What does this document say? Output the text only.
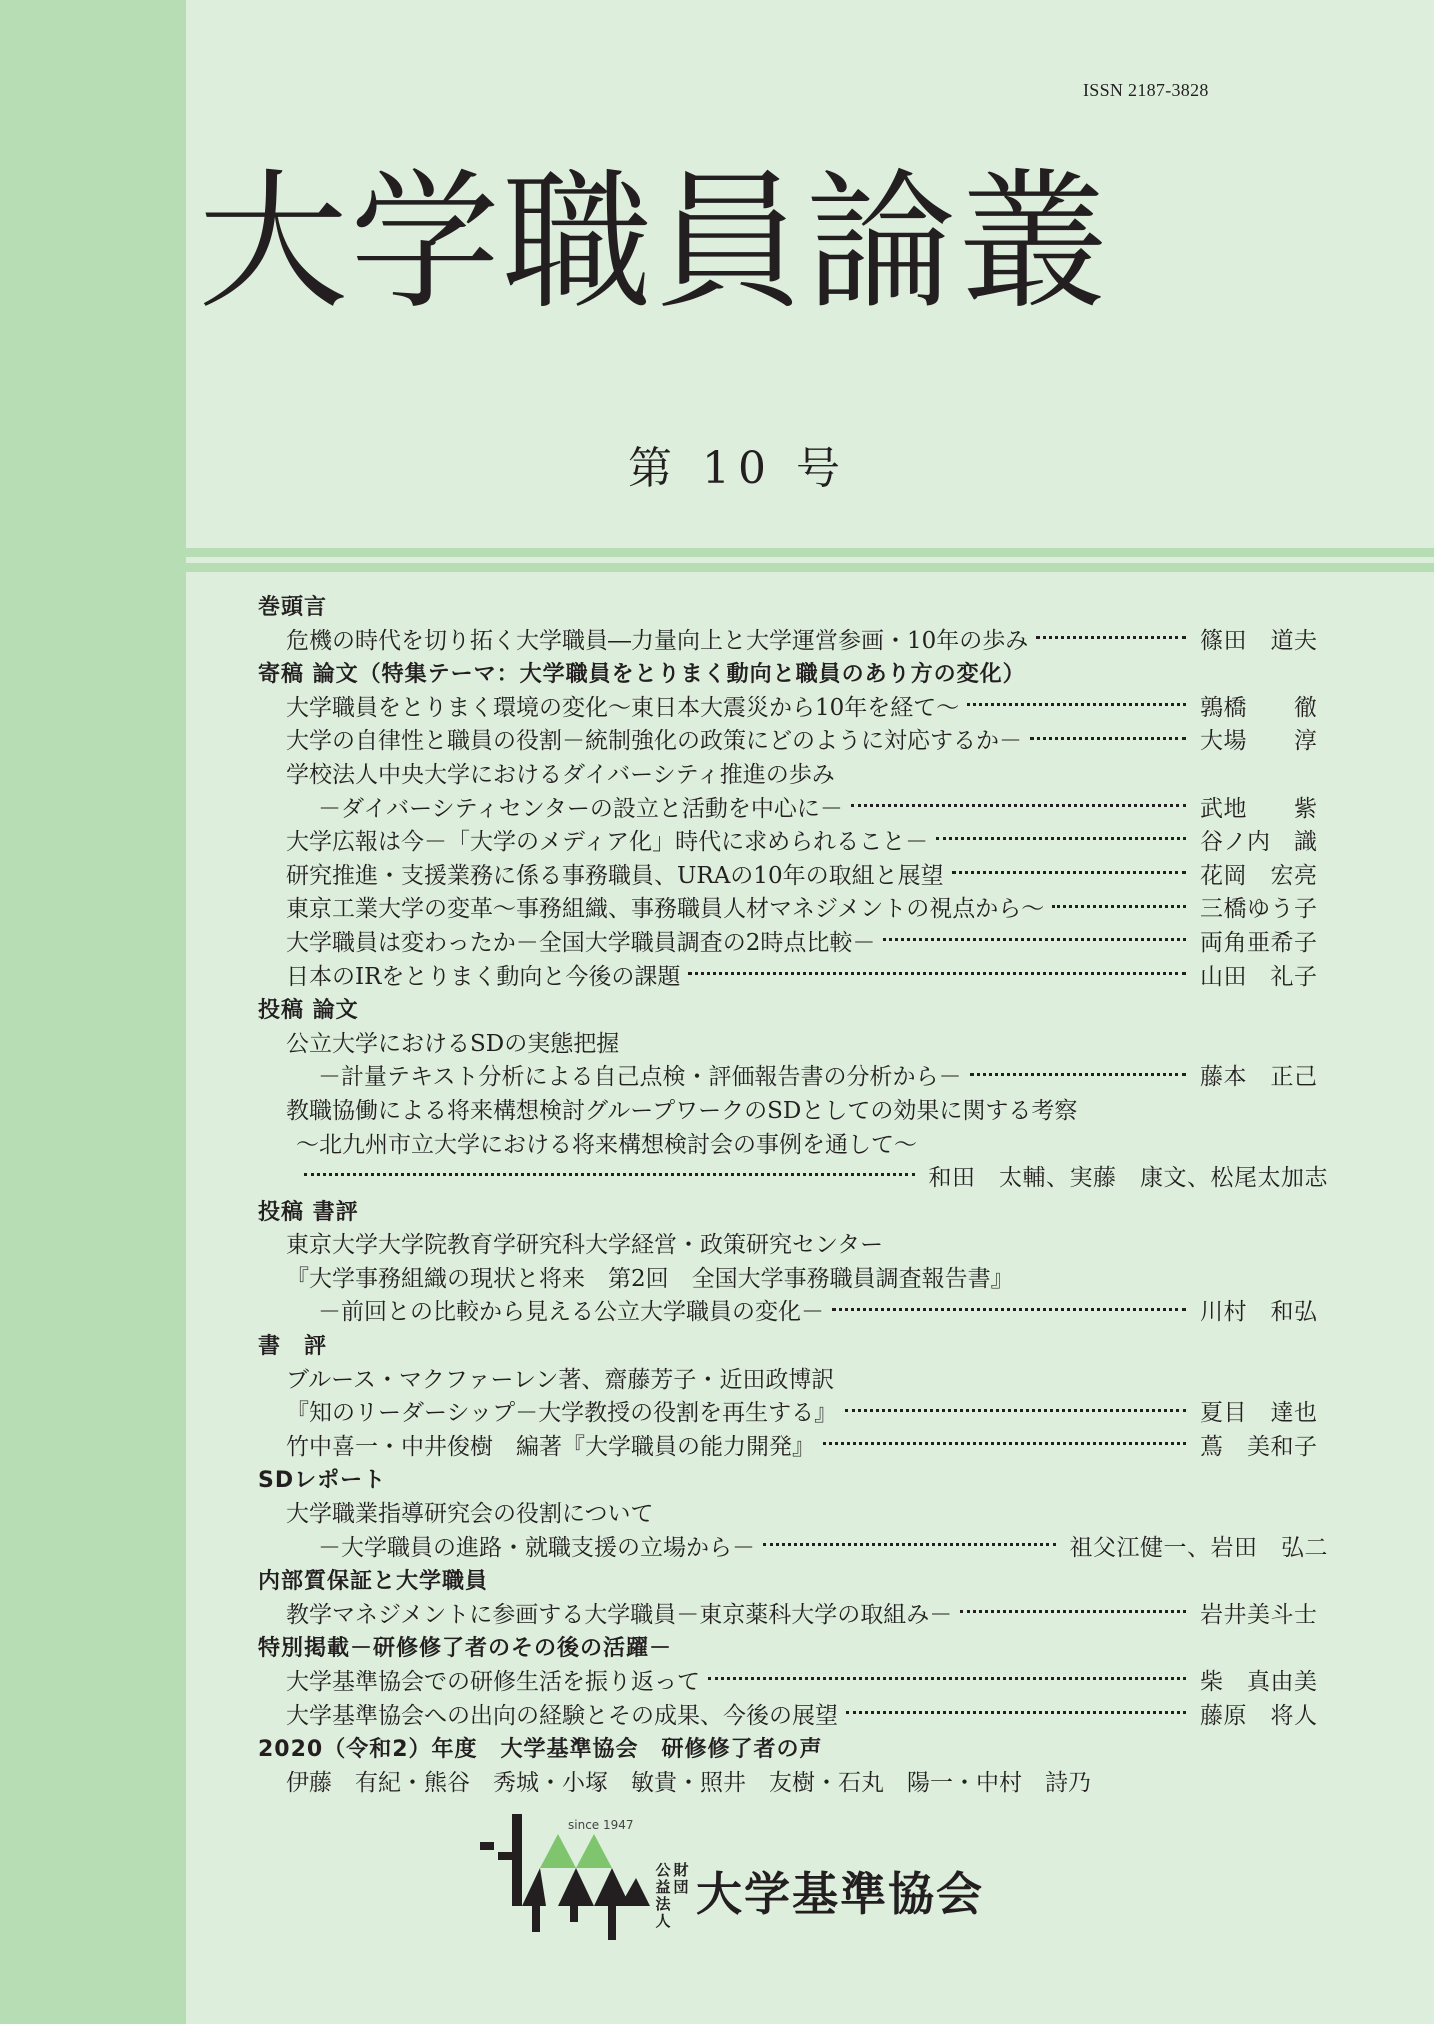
ISSN 2187-3828
大学職員論叢
第 10 号
巻頭言
危機の時代を切り拓く大学職員―力量向上と大学運営参画・10年の歩み	篠田　道夫
寄稿 論文（特集テーマ：大学職員をとりまく動向と職員のあり方の変化）
大学職員をとりまく環境の変化～東日本大震災から10年を経て～	鶉橋　　徹
大学の自律性と職員の役割－統制強化の政策にどのように対応するか－	大場　　淳
学校法人中央大学におけるダイバーシティ推進の歩み
－ダイバーシティセンターの設立と活動を中心に－	武地　　紫
大学広報は今－「大学のメディア化」時代に求められること－	谷ノ内　識
研究推進・支援業務に係る事務職員、URAの10年の取組と展望	花岡　宏亮
東京工業大学の変革～事務組織、事務職員人材マネジメントの視点から～	三橋ゆう子
大学職員は変わったか－全国大学職員調査の2時点比較－	両角亜希子
日本のIRをとりまく動向と今後の課題	山田　礼子
投稿 論文
公立大学におけるSDの実態把握
－計量テキスト分析による自己点検・評価報告書の分析から－	藤本　正己
教職協働による将来構想検討グループワークのSDとしての効果に関する考察
～北九州市立大学における将来構想検討会の事例を通して～
和田　太輔、実藤　康文、松尾太加志
投稿 書評
東京大学大学院教育学研究科大学経営・政策研究センター
『大学事務組織の現状と将来　第2回　全国大学事務職員調査報告書』
－前回との比較から見える公立大学職員の変化－	川村　和弘
書　評
ブルース・マクファーレン著、齋藤芳子・近田政博訳
『知のリーダーシップ－大学教授の役割を再生する』	夏目　達也
竹中喜一・中井俊樹　編著『大学職員の能力開発』	蔦　美和子
SDレポート
大学職業指導研究会の役割について
－大学職員の進路・就職支援の立場から－	祖父江健一、岩田　弘二
内部質保証と大学職員
教学マネジメントに参画する大学職員－東京薬科大学の取組み－	岩井美斗士
特別掲載－研修修了者のその後の活躍－
大学基準協会での研修生活を振り返って	柴　真由美
大学基準協会への出向の経験とその成果、今後の展望	藤原　将人
2020（令和2）年度　大学基準協会　研修修了者の声
伊藤　有紀・熊谷　秀城・小塚　敏貴・照井　友樹・石丸　陽一・中村　詩乃
since 1947
公益
財団
法人 大学基準協会
